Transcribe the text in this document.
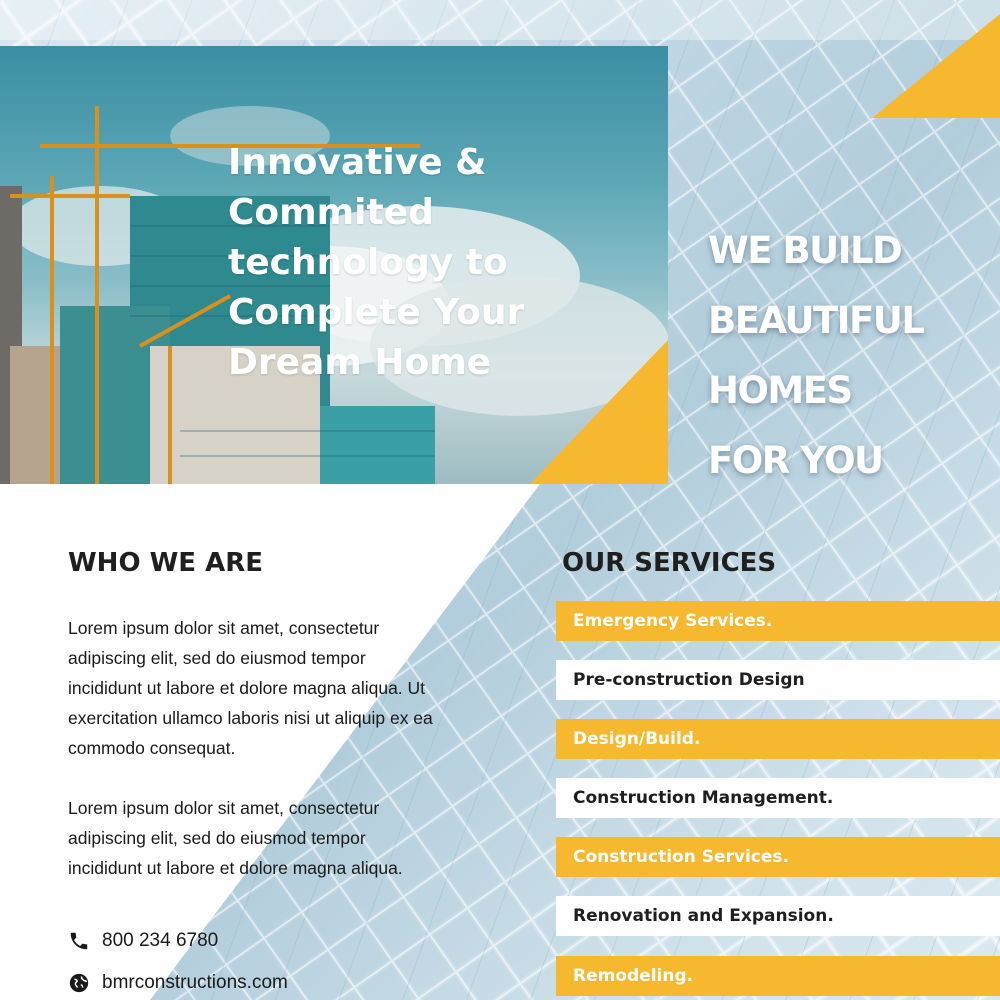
Innovative &
Commited
technology to
Complete Your
Dream Home
WE BUILD
BEAUTIFUL
HOMES
FOR YOU
WHO WE ARE
Lorem ipsum dolor sit amet, consectetur
adipiscing elit, sed do eiusmod tempor
incididunt ut labore et dolore magna aliqua. Ut
exercitation ullamco laboris nisi ut aliquip ex ea
commodo consequat.
Lorem ipsum dolor sit amet, consectetur
adipiscing elit, sed do eiusmod tempor
incididunt ut labore et dolore magna aliqua.
800 234 6780
bmrconstructions.com
OUR SERVICES
Emergency Services.
Pre-construction Design
Design/Build.
Construction Management.
Construction Services.
Renovation and Expansion.
Remodeling.
